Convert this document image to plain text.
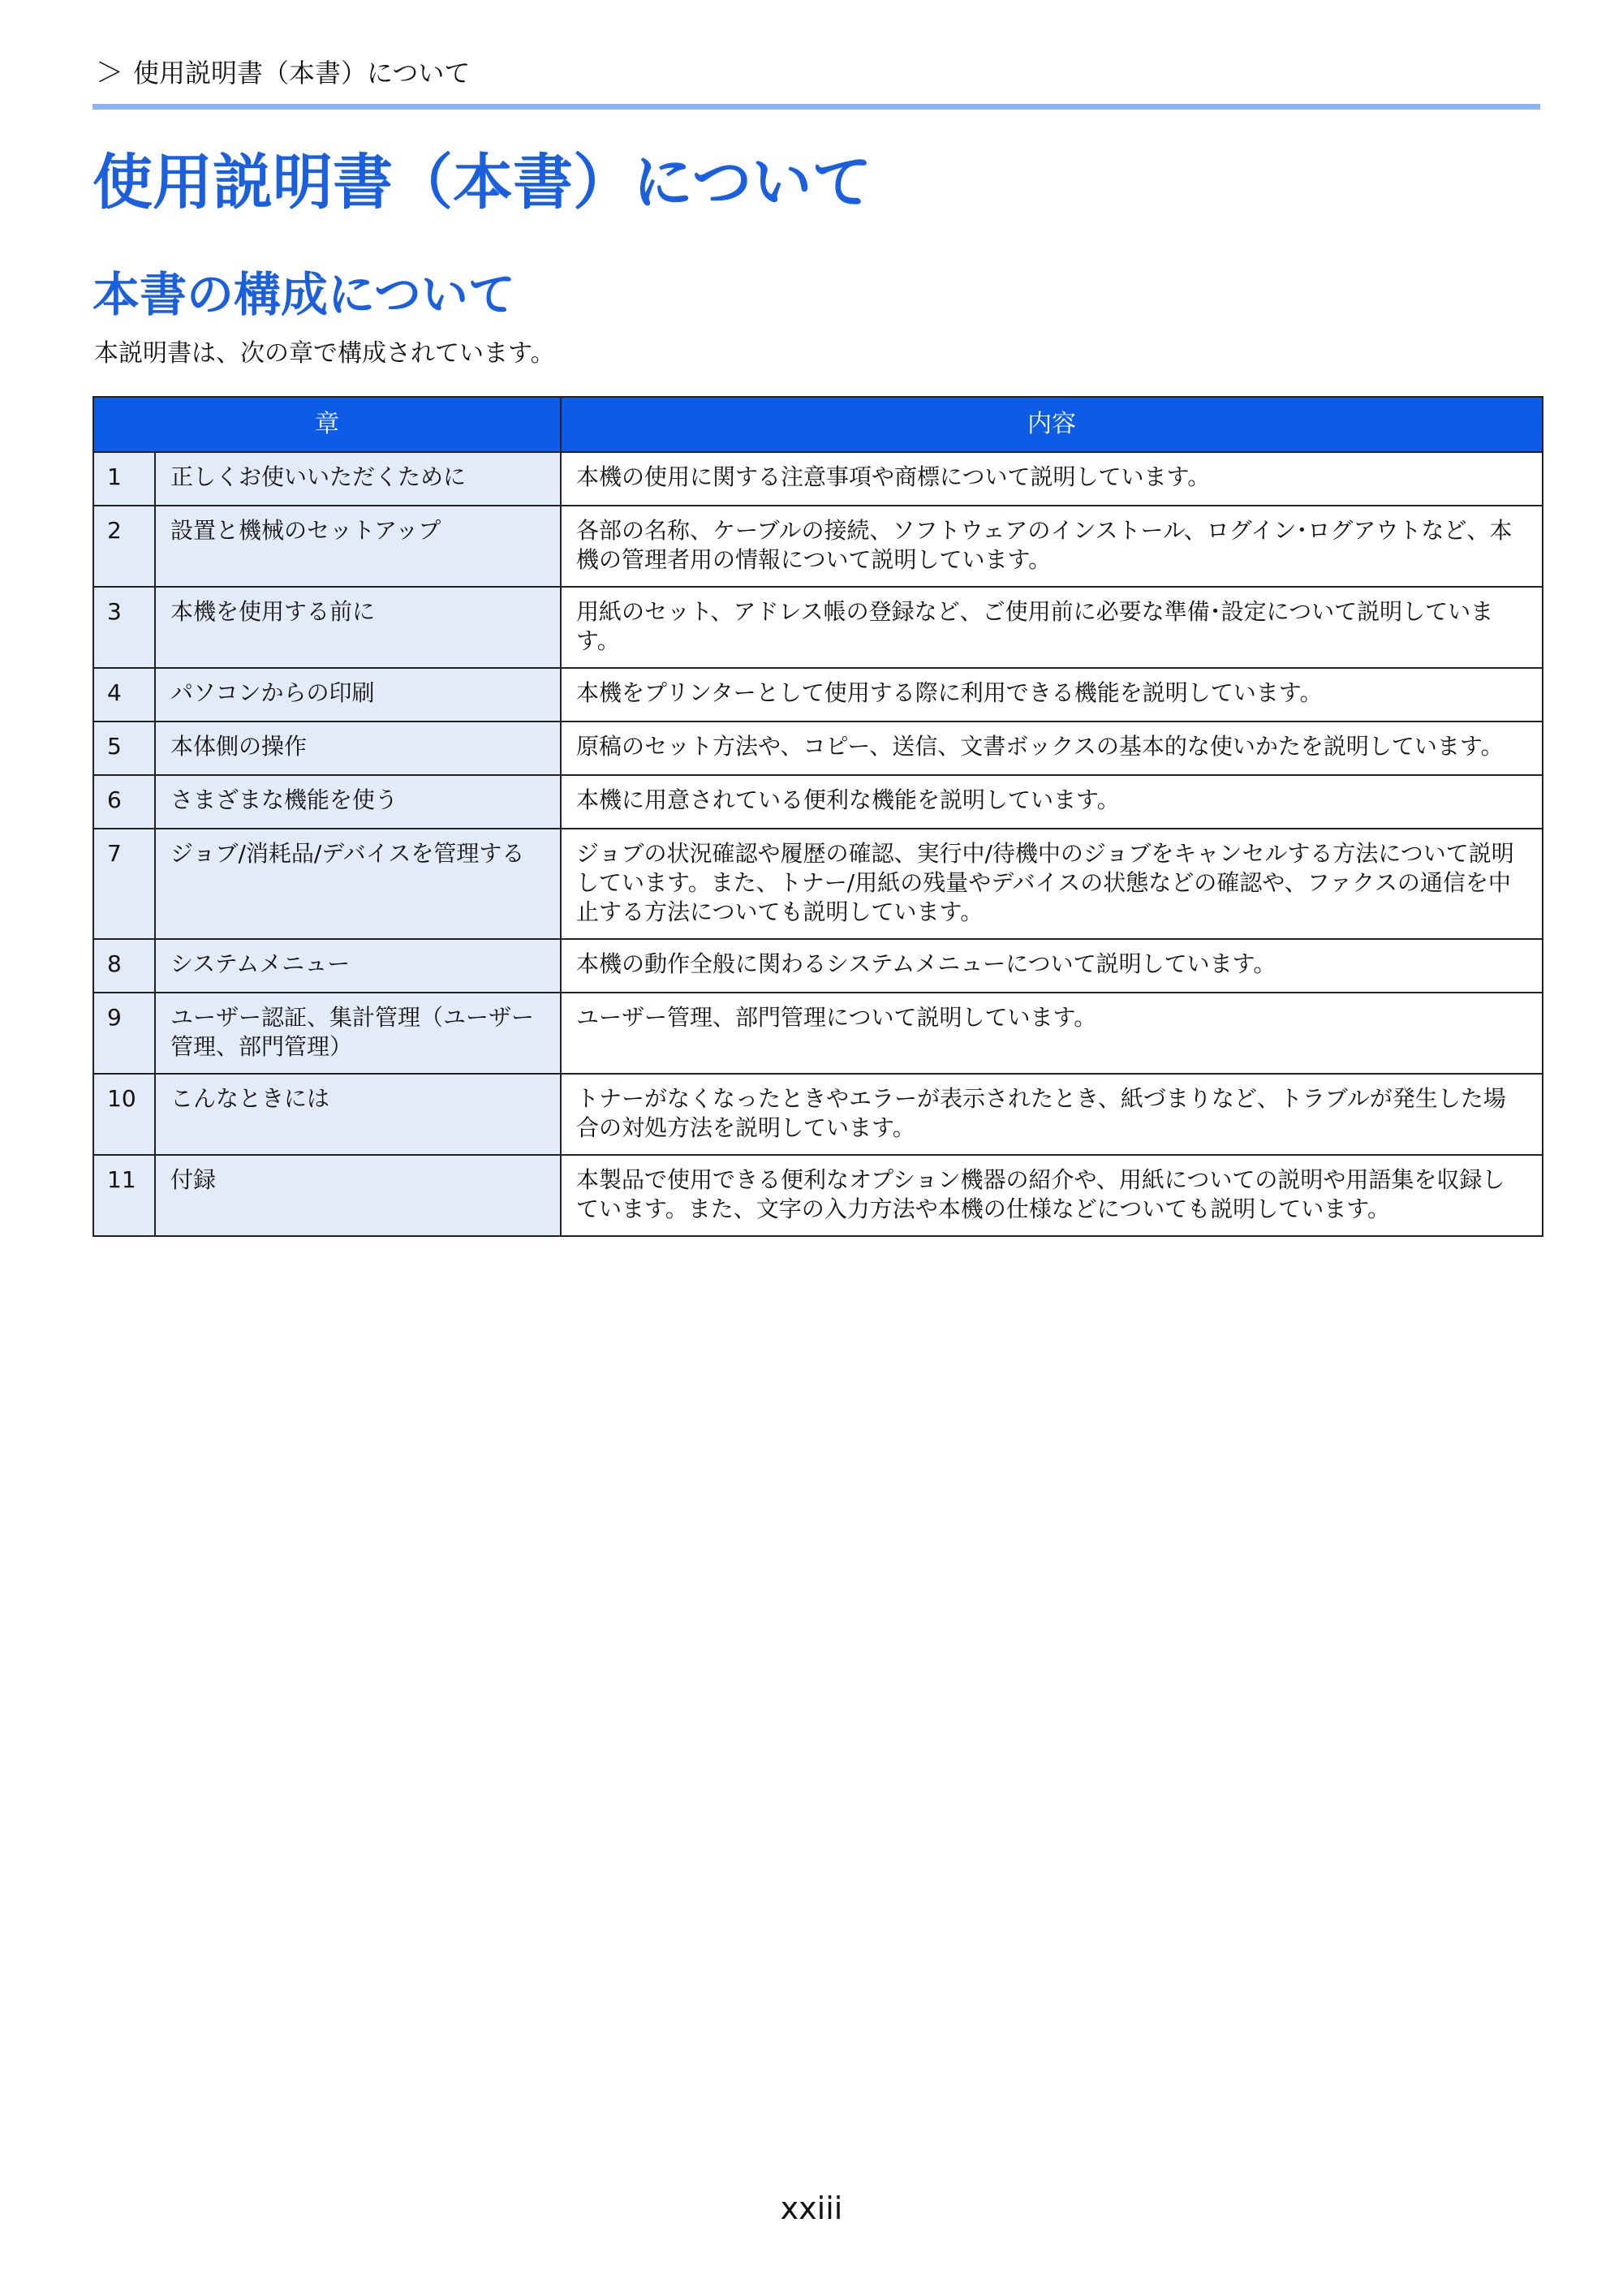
＞ 使用説明書（本書）について
使用説明書（本書）について
本書の構成について

本説明書は、次の章で構成されています。

章		内容
1	正しくお使いいただくために	本機の使用に関する注意事項や商標について説明しています。
2	設置と機械のセットアップ	各部の名称、ケーブルの接続、ソフトウェアのインストール、ログイン･ログアウトなど、本機の管理者用の情報について説明しています。
3	本機を使用する前に	用紙のセット、アドレス帳の登録など、ご使用前に必要な準備･設定について説明しています。
4	パソコンからの印刷	本機をプリンターとして使用する際に利用できる機能を説明しています。
5	本体側の操作	原稿のセット方法や、コピー、送信、文書ボックスの基本的な使いかたを説明しています。
6	さまざまな機能を使う	本機に用意されている便利な機能を説明しています。
7	ジョブ/消耗品/デバイスを管理する	ジョブの状況確認や履歴の確認、実行中/待機中のジョブをキャンセルする方法について説明しています。また、トナー/用紙の残量やデバイスの状態などの確認や、ファクスの通信を中止する方法についても説明しています。
8	システムメニュー	本機の動作全般に関わるシステムメニューについて説明しています。
9	ユーザー認証、集計管理（ユーザー管理、部門管理）	ユーザー管理、部門管理について説明しています。
10	こんなときには	トナーがなくなったときやエラーが表示されたとき、紙づまりなど、トラブルが発生した場合の対処方法を説明しています。
11	付録	本製品で使用できる便利なオプション機器の紹介や、用紙についての説明や用語集を収録しています。また、文字の入力方法や本機の仕様などについても説明しています。
xxiii
